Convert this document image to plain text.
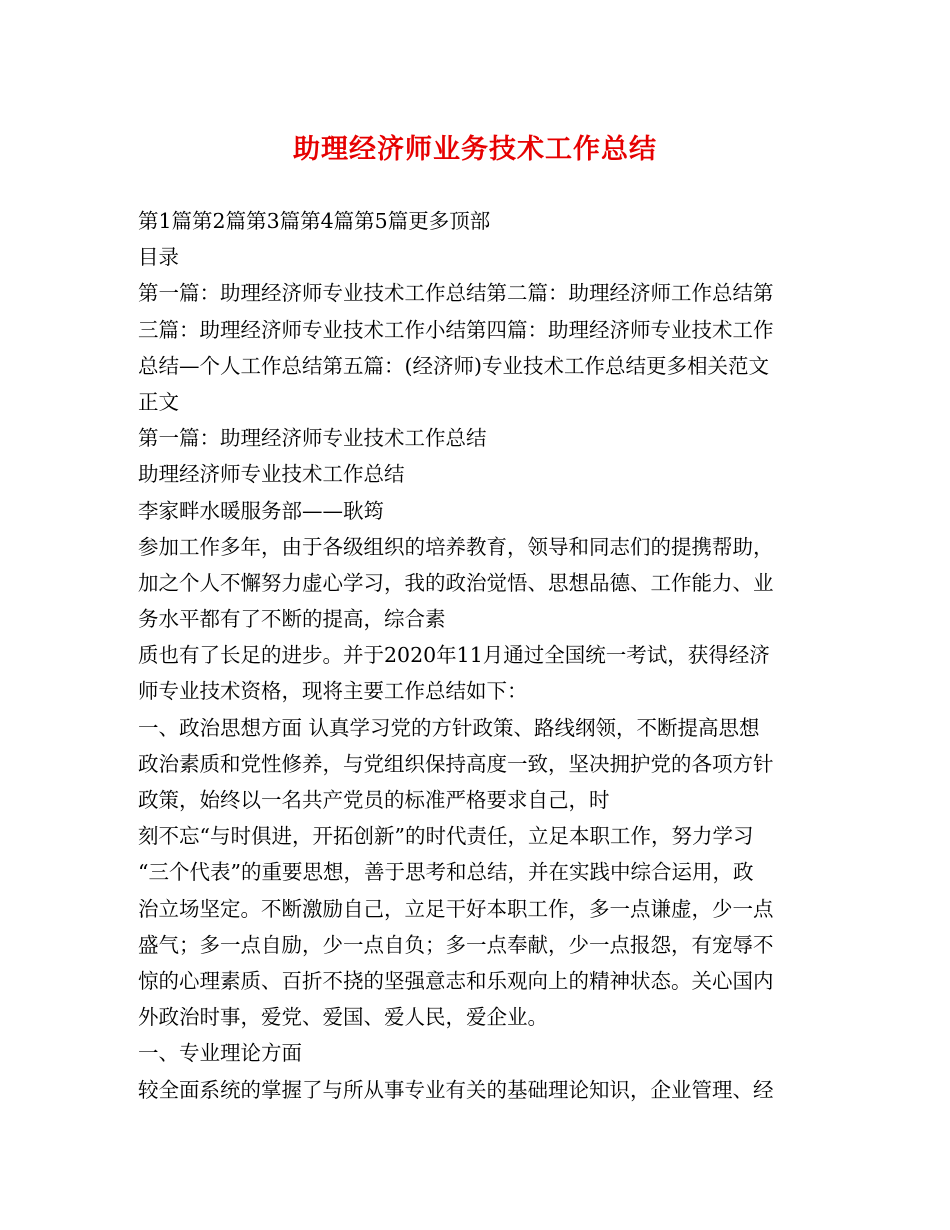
助理经济师业务技术工作总结
第1篇第2篇第3篇第4篇第5篇更多顶部
目录
第一篇：助理经济师专业技术工作总结第二篇：助理经济师工作总结第
三篇：助理经济师专业技术工作小结第四篇：助理经济师专业技术工作
总结—个人工作总结第五篇：(经济师)专业技术工作总结更多相关范文
正文
第一篇：助理经济师专业技术工作总结
助理经济师专业技术工作总结
李家畔水暖服务部——耿筠
参加工作多年，由于各级组织的培养教育，领导和同志们的提携帮助，
加之个人不懈努力虚心学习，我的政治觉悟、思想品德、工作能力、业
务水平都有了不断的提高，综合素
质也有了长足的进步。并于2020年11月通过全国统一考试，获得经济
师专业技术资格，现将主要工作总结如下：
一、政治思想方面 认真学习党的方针政策、路线纲领，不断提高思想
政治素质和党性修养，与党组织保持高度一致，坚决拥护党的各项方针
政策，始终以一名共产党员的标准严格要求自己，时
刻不忘“与时俱进，开拓创新”的时代责任，立足本职工作，努力学习
“三个代表”的重要思想，善于思考和总结，并在实践中综合运用，政
治立场坚定。不断激励自己，立足干好本职工作，多一点谦虚，少一点
盛气；多一点自励，少一点自负；多一点奉献，少一点报怨，有宠辱不
惊的心理素质、百折不挠的坚强意志和乐观向上的精神状态。关心国内
外政治时事，爱党、爱国、爱人民，爱企业。
一、专业理论方面
较全面系统的掌握了与所从事专业有关的基础理论知识，企业管理、经
